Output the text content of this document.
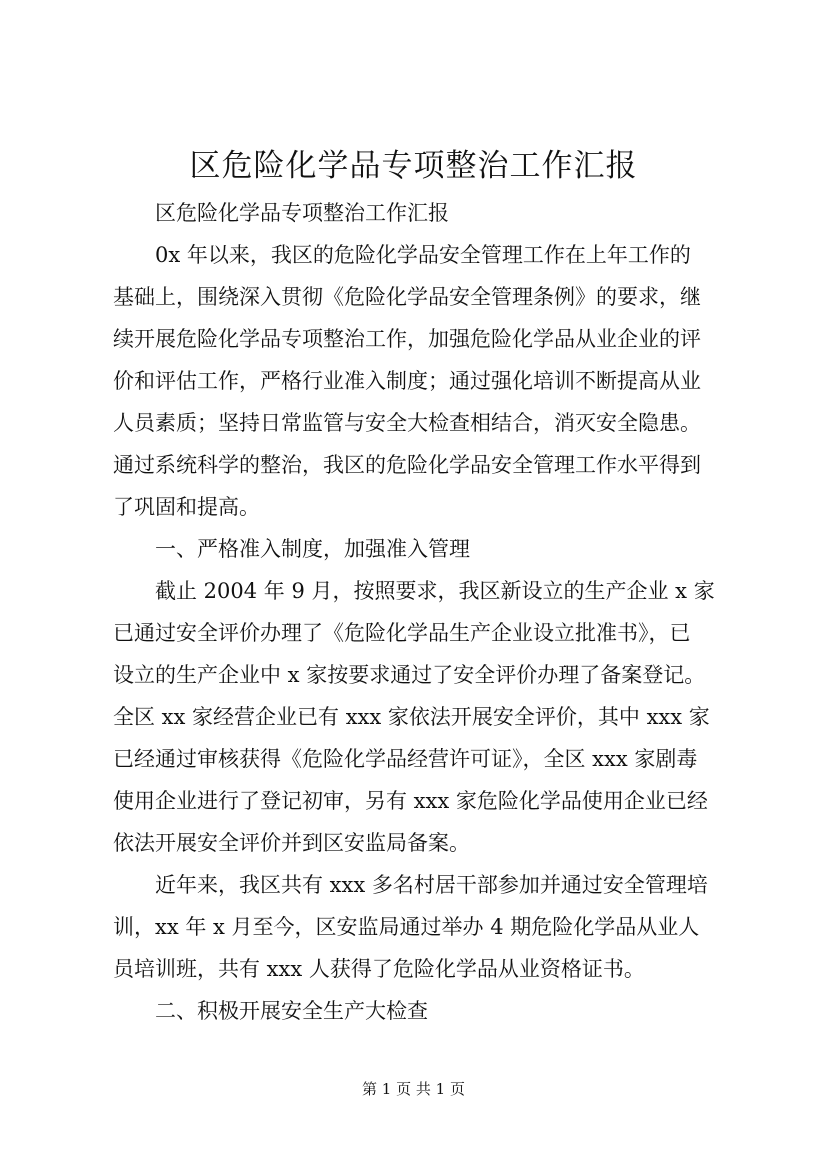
区危险化学品专项整治工作汇报
区危险化学品专项整治工作汇报
0x 年以来，我区的危险化学品安全管理工作在上年工作的
基础上，围绕深入贯彻《危险化学品安全管理条例》的要求，继
续开展危险化学品专项整治工作，加强危险化学品从业企业的评
价和评估工作，严格行业准入制度；通过强化培训不断提高从业
人员素质；坚持日常监管与安全大检查相结合，消灭安全隐患。
通过系统科学的整治，我区的危险化学品安全管理工作水平得到
了巩固和提高。
一、严格准入制度，加强准入管理
截止 2004 年 9 月，按照要求，我区新设立的生产企业 x 家
已通过安全评价办理了《危险化学品生产企业设立批准书》，已
设立的生产企业中 x 家按要求通过了安全评价办理了备案登记。
全区 xx 家经营企业已有 xxx 家依法开展安全评价，其中 xxx 家
已经通过审核获得《危险化学品经营许可证》，全区 xxx 家剧毒
使用企业进行了登记初审，另有 xxx 家危险化学品使用企业已经
依法开展安全评价并到区安监局备案。
近年来，我区共有 xxx 多名村居干部参加并通过安全管理培
训，xx 年 x 月至今，区安监局通过举办 4 期危险化学品从业人
员培训班，共有 xxx 人获得了危险化学品从业资格证书。
二、积极开展安全生产大检查
第 1 页 共 1 页
